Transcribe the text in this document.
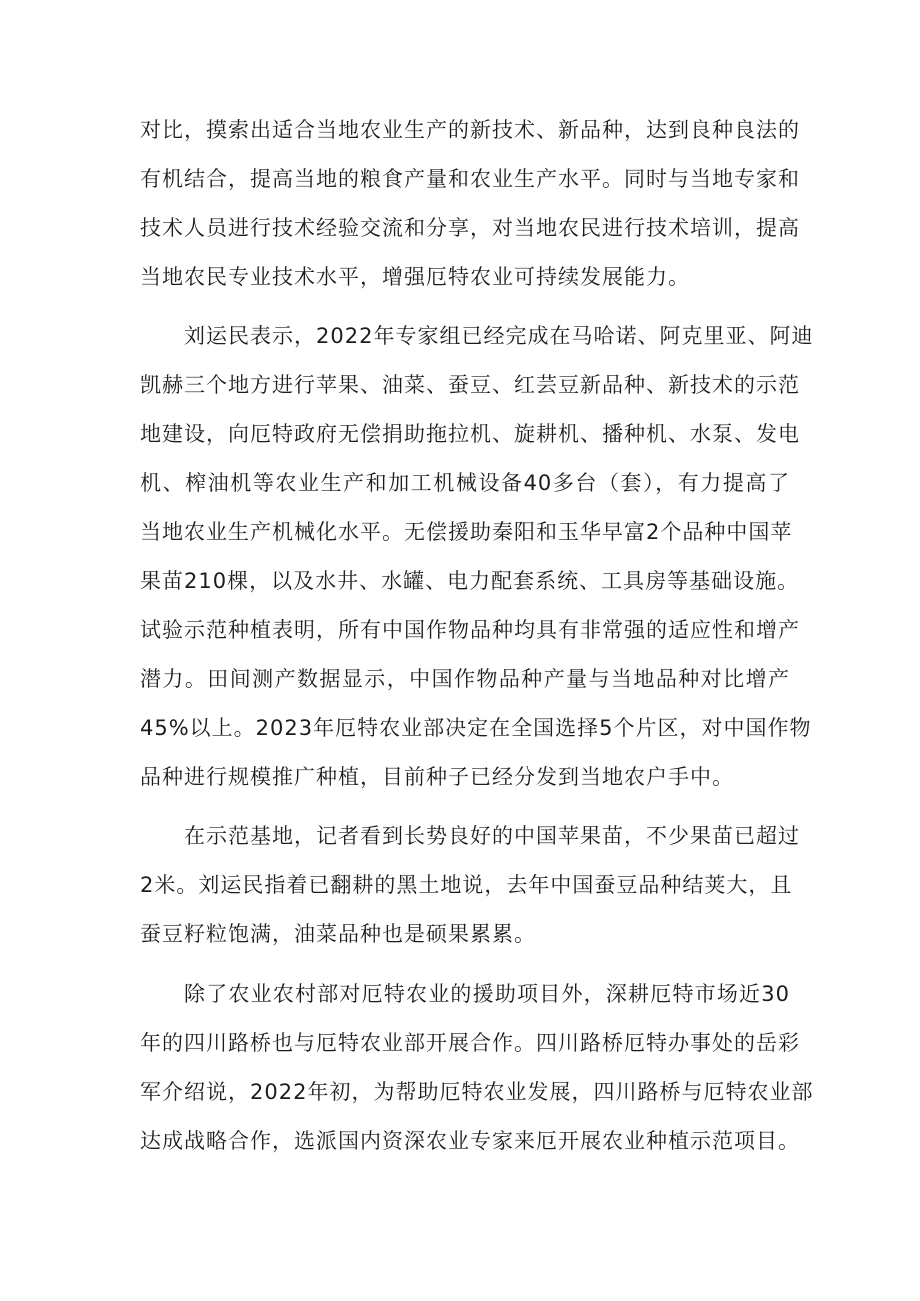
对比，摸索出适合当地农业生产的新技术、新品种，达到良种良法的
有机结合，提高当地的粮食产量和农业生产水平。同时与当地专家和
技术人员进行技术经验交流和分享，对当地农民进行技术培训，提高
当地农民专业技术水平，增强厄特农业可持续发展能力。
刘运民表示，2022年专家组已经完成在马哈诺、阿克里亚、阿迪
凯赫三个地方进行苹果、油菜、蚕豆、红芸豆新品种、新技术的示范
地建设，向厄特政府无偿捐助拖拉机、旋耕机、播种机、水泵、发电
机、榨油机等农业生产和加工机械设备40多台（套），有力提高了
当地农业生产机械化水平。无偿援助秦阳和玉华早富2个品种中国苹
果苗210棵，以及水井、水罐、电力配套系统、工具房等基础设施。
试验示范种植表明，所有中国作物品种均具有非常强的适应性和增产
潜力。田间测产数据显示，中国作物品种产量与当地品种对比增产
45%以上。2023年厄特农业部决定在全国选择5个片区，对中国作物
品种进行规模推广种植，目前种子已经分发到当地农户手中。
在示范基地，记者看到长势良好的中国苹果苗，不少果苗已超过
2米。刘运民指着已翻耕的黑土地说，去年中国蚕豆品种结荚大，且
蚕豆籽粒饱满，油菜品种也是硕果累累。
除了农业农村部对厄特农业的援助项目外，深耕厄特市场近30
年的四川路桥也与厄特农业部开展合作。四川路桥厄特办事处的岳彩
军介绍说，2022年初，为帮助厄特农业发展，四川路桥与厄特农业部
达成战略合作，选派国内资深农业专家来厄开展农业种植示范项目。
